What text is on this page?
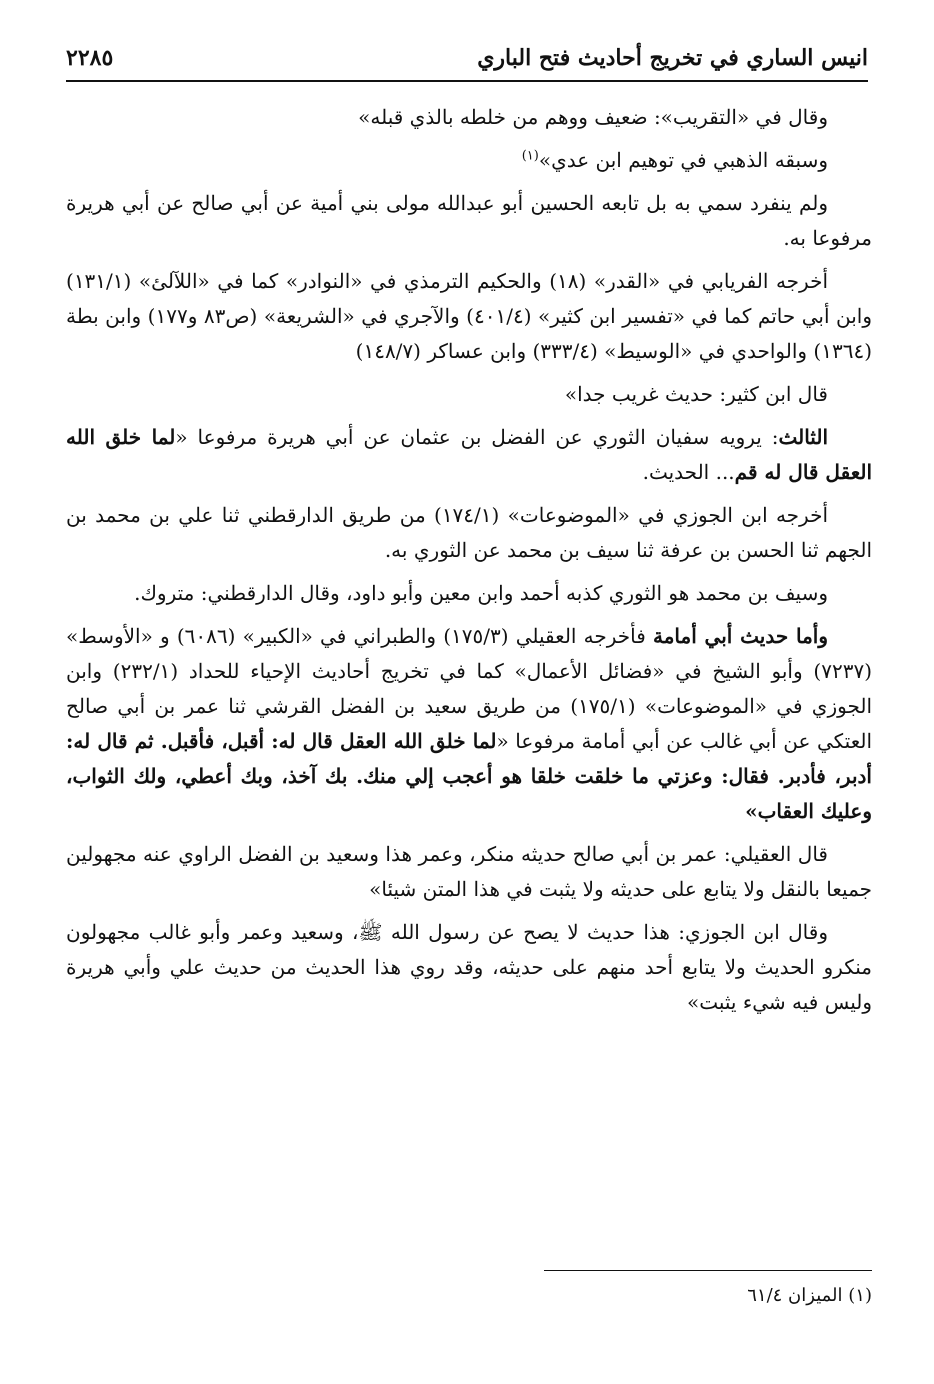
انيس الساري في تخريج أحاديث فتح الباري
٢٢٨٥

وقال في «التقريب»: ضعيف ووهم من خلطه بالذي قبله»

وسبقه الذهبي في توهيم ابن عدي»$^{(١)}$

ولم ينفرد سمي به بل تابعه الحسين أبو عبدالله مولى بني أمية عن أبي صالح عن أبي هريرة مرفوعا به.

أخرجه الفريابي في «القدر» (١٨) والحكيم الترمذي في «النوادر» كما في «اللآلئ» (١٣١/١) وابن أبي حاتم كما في «تفسير ابن كثير» (٤٠١/٤) والآجري في «الشريعة» (ص٨٣ و١٧٧) وابن بطة (١٣٦٤) والواحدي في «الوسيط» (٣٣٣/٤) وابن عساكر (١٤٨/٧)

قال ابن كثير: حديث غريب جدا»

الثالث: يرويه سفيان الثوري عن الفضل بن عثمان عن أبي هريرة مرفوعا «لما خلق الله العقل قال له قم... الحديث.

أخرجه ابن الجوزي في «الموضوعات» (١٧٤/١) من طريق الدارقطني ثنا علي بن محمد بن الجهم ثنا الحسن بن عرفة ثنا سيف بن محمد عن الثوري به.

وسيف بن محمد هو الثوري كذبه أحمد وابن معين وأبو داود، وقال الدارقطني: متروك.

وأما حديث أبي أمامة فأخرجه العقيلي (١٧٥/٣) والطبراني في «الكبير» (٦٠٨٦) و «الأوسط» (٧٢٣٧) وأبو الشيخ في «فضائل الأعمال» كما في تخريج أحاديث الإحياء للحداد (٢٣٢/١) وابن الجوزي في «الموضوعات» (١٧٥/١) من طريق سعيد بن الفضل القرشي ثنا عمر بن أبي صالح العتكي عن أبي غالب عن أبي أمامة مرفوعا «لما خلق الله العقل قال له: أقبل، فأقبل. ثم قال له: أدبر، فأدبر. فقال: وعزتي ما خلقت خلقا هو أعجب إلي منك. بك آخذ، وبك أعطي، ولك الثواب، وعليك العقاب»

قال العقيلي: عمر بن أبي صالح حديثه منكر، وعمر هذا وسعيد بن الفضل الراوي عنه مجهولين جميعا بالنقل ولا يتابع على حديثه ولا يثبت في هذا المتن شيئا»

وقال ابن الجوزي: هذا حديث لا يصح عن رسول الله ﷺ، وسعيد وعمر وأبو غالب مجهولون منكرو الحديث ولا يتابع أحد منهم على حديثه، وقد روي هذا الحديث من حديث علي وأبي هريرة وليس فيه شيء يثبت»

(١) الميزان ٦١/٤
